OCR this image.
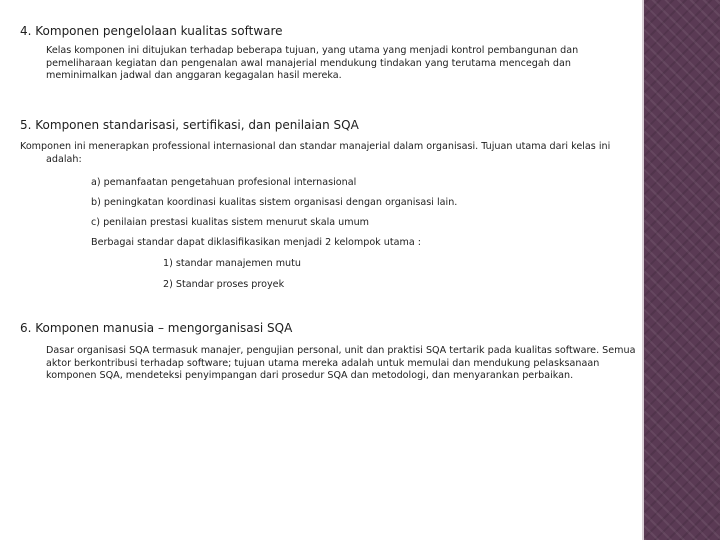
4. Komponen pengelolaan kualitas software
Kelas komponen ini ditujukan terhadap beberapa tujuan, yang utama yang menjadi kontrol pembangunan dan pemeliharaan kegiatan dan pengenalan awal manajerial mendukung tindakan yang terutama mencegah dan meminimalkan jadwal dan anggaran kegagalan hasil mereka.
5. Komponen standarisasi, sertifikasi, dan penilaian SQA
Komponen ini menerapkan professional internasional dan standar manajerial dalam organisasi. Tujuan utama dari kelas ini adalah:
a) pemanfaatan pengetahuan profesional internasional
b) peningkatan koordinasi kualitas sistem organisasi dengan organisasi lain.
c) penilaian prestasi kualitas sistem menurut skala umum
Berbagai standar dapat diklasifikasikan menjadi 2 kelompok utama :
1) standar manajemen mutu
2) Standar proses proyek
6. Komponen manusia – mengorganisasi SQA
Dasar organisasi SQA termasuk manajer, pengujian personal, unit dan praktisi SQA tertarik pada kualitas software. Semua aktor berkontribusi terhadap software; tujuan utama mereka adalah untuk memulai dan mendukung pelasksanaan komponen SQA, mendeteksi penyimpangan dari prosedur SQA dan metodologi, dan menyarankan perbaikan.
